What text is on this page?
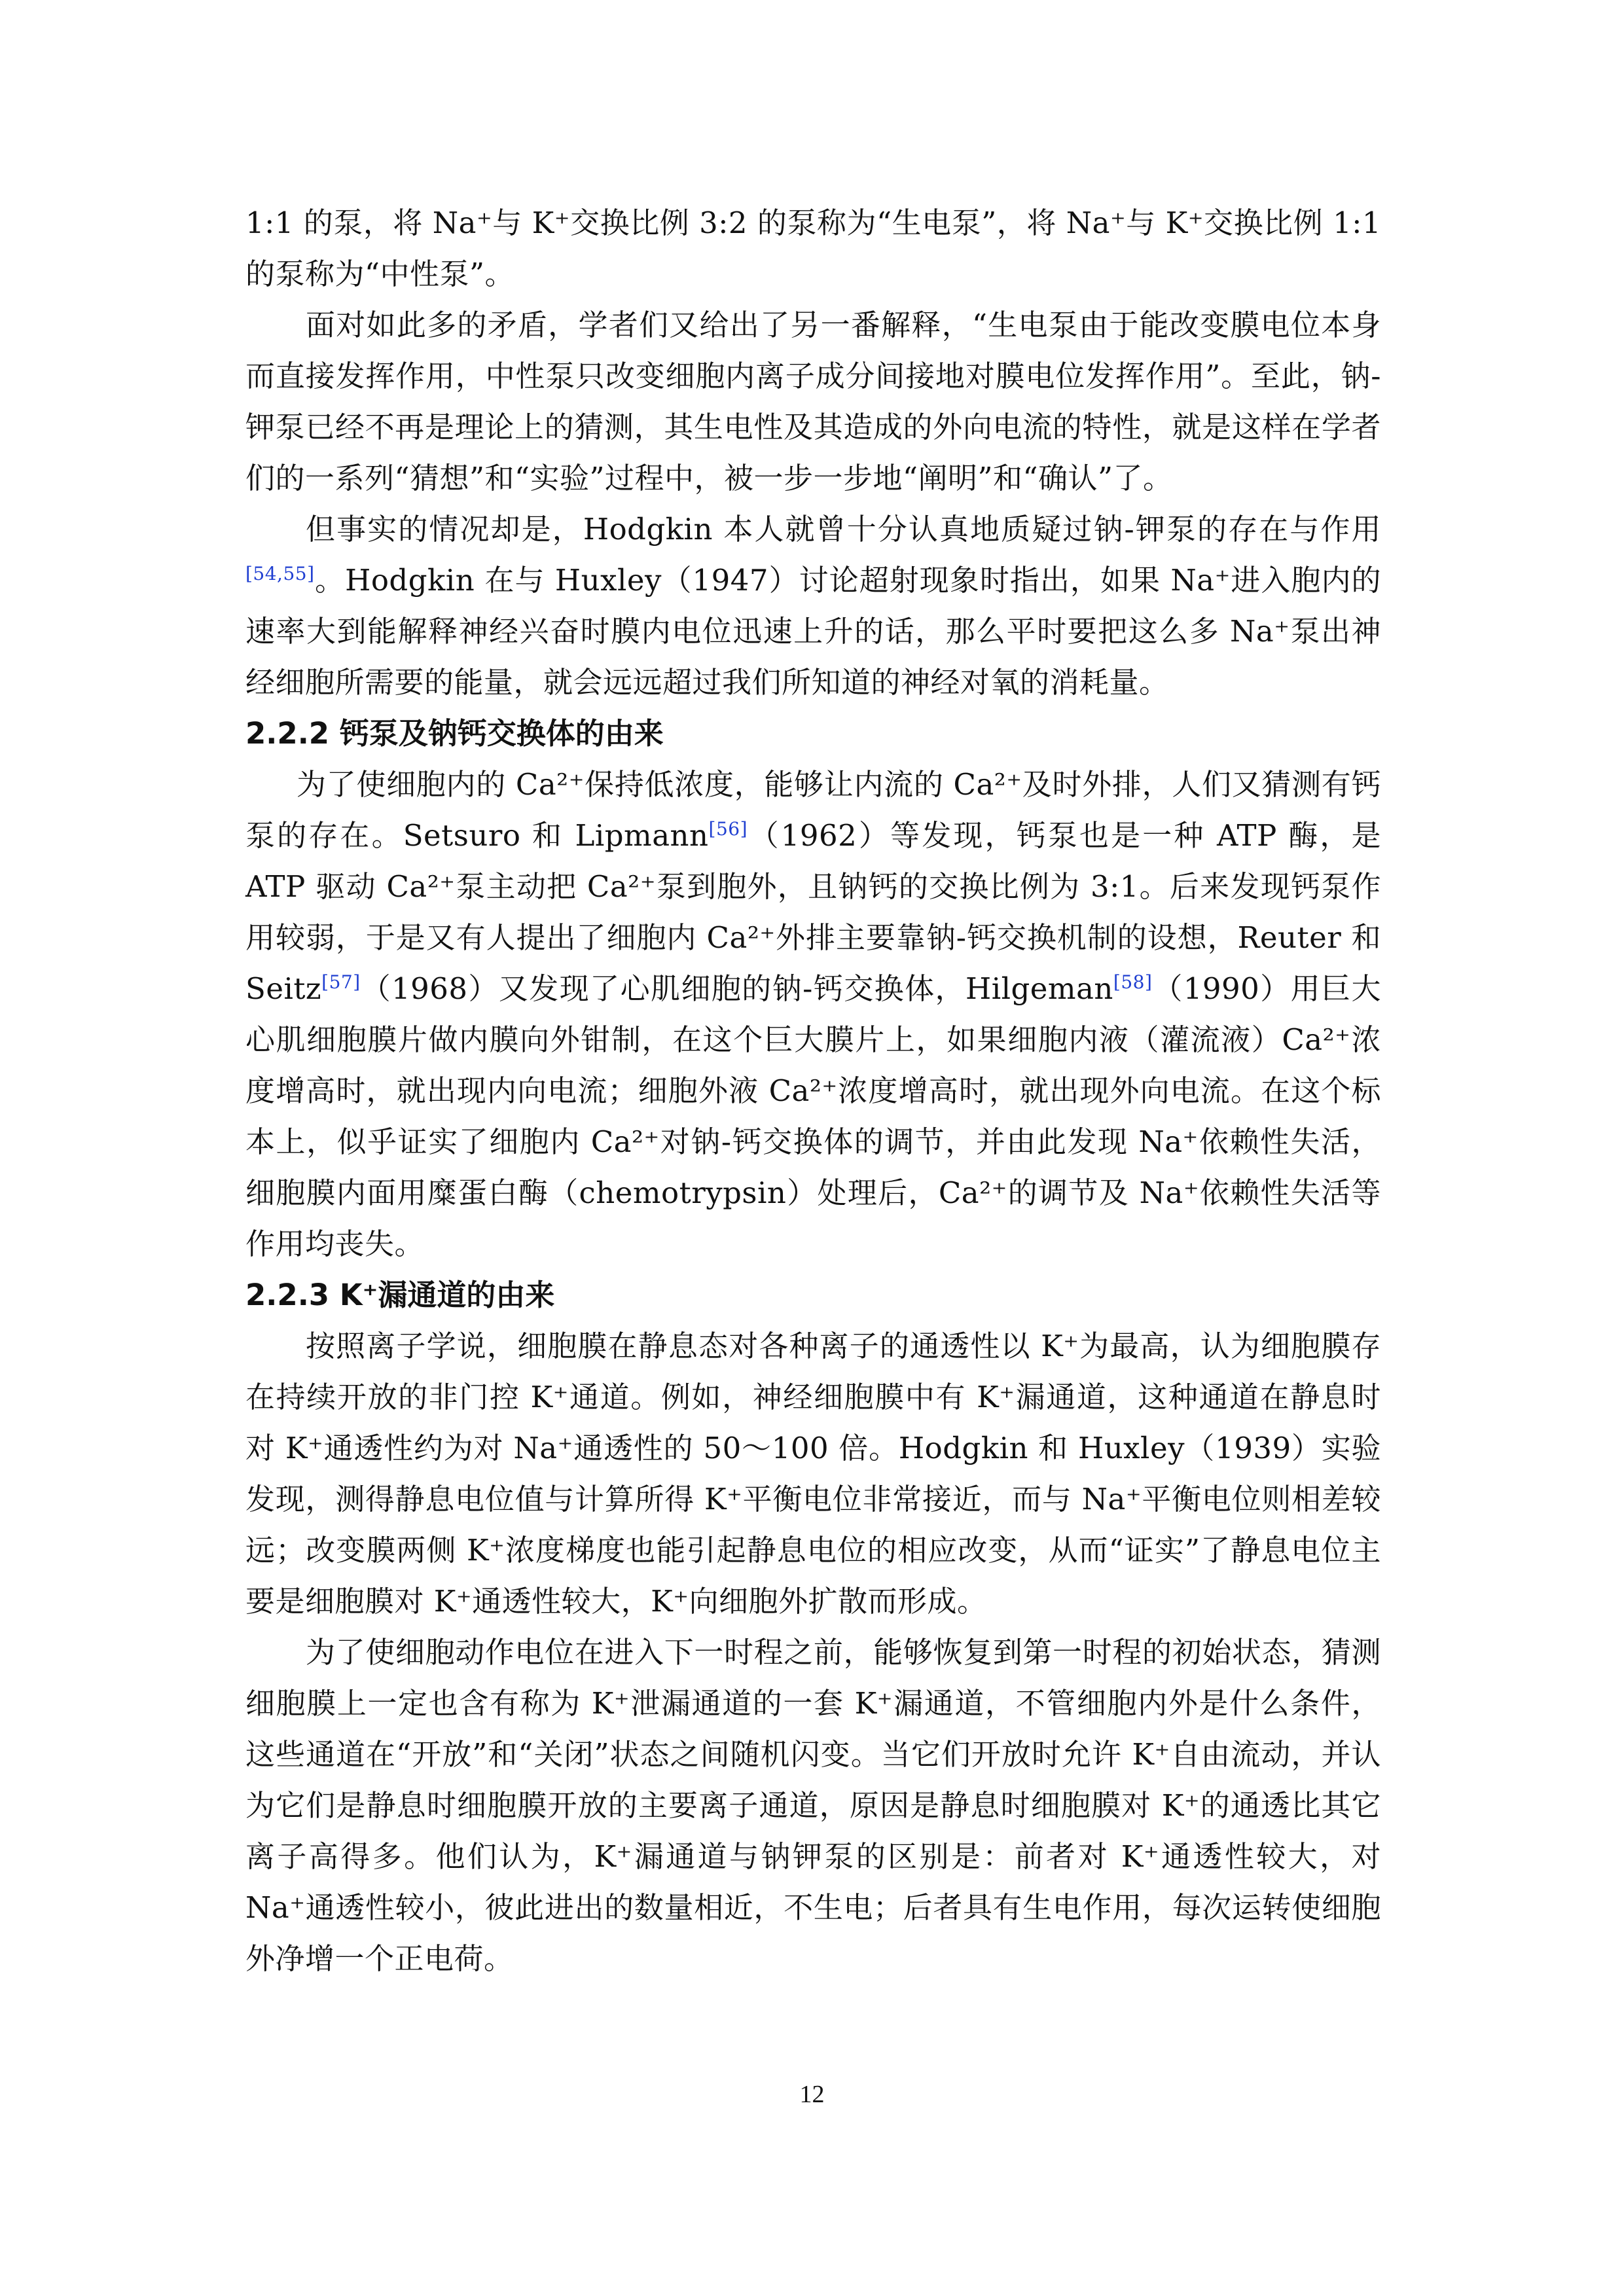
1:1 的泵，将 Na⁺与 K⁺交换比例 3:2 的泵称为“生电泵”，将 Na⁺与 K⁺交换比例 1:1 的泵称为“中性泵”。

面对如此多的矛盾，学者们又给出了另一番解释，“生电泵由于能改变膜电位本身而直接发挥作用，中性泵只改变细胞内离子成分间接地对膜电位发挥作用”。至此，钠-钾泵已经不再是理论上的猜测，其生电性及其造成的外向电流的特性，就是这样在学者们的一系列“猜想”和“实验”过程中，被一步一步地“阐明”和“确认”了。

但事实的情况却是，Hodgkin 本人就曾十分认真地质疑过钠-钾泵的存在与作用[54,55]。Hodgkin 在与 Huxley（1947）讨论超射现象时指出，如果 Na⁺进入胞内的速率大到能解释神经兴奋时膜内电位迅速上升的话，那么平时要把这么多 Na⁺泵出神经细胞所需要的能量，就会远远超过我们所知道的神经对氧的消耗量。

2.2.2 钙泵及钠钙交换体的由来

为了使细胞内的 Ca²⁺保持低浓度，能够让内流的 Ca²⁺及时外排，人们又猜测有钙泵的存在。Setsuro 和 Lipmann[56]（1962）等发现，钙泵也是一种 ATP 酶，是 ATP 驱动 Ca²⁺泵主动把 Ca²⁺泵到胞外，且钠钙的交换比例为 3:1。后来发现钙泵作用较弱，于是又有人提出了细胞内 Ca²⁺外排主要靠钠-钙交换机制的设想，Reuter 和 Seitz[57]（1968）又发现了心肌细胞的钠-钙交换体，Hilgeman[58]（1990）用巨大心肌细胞膜片做内膜向外钳制，在这个巨大膜片上，如果细胞内液（灌流液）Ca²⁺浓度增高时，就出现内向电流；细胞外液 Ca²⁺浓度增高时，就出现外向电流。在这个标本上，似乎证实了细胞内 Ca²⁺对钠-钙交换体的调节，并由此发现 Na⁺依赖性失活，细胞膜内面用糜蛋白酶（chemotrypsin）处理后，Ca²⁺的调节及 Na⁺依赖性失活等作用均丧失。

2.2.3 K⁺漏通道的由来

按照离子学说，细胞膜在静息态对各种离子的通透性以 K⁺为最高，认为细胞膜存在持续开放的非门控 K⁺通道。例如，神经细胞膜中有 K⁺漏通道，这种通道在静息时对 K⁺通透性约为对 Na⁺通透性的 50～100 倍。Hodgkin 和 Huxley（1939）实验发现，测得静息电位值与计算所得 K⁺平衡电位非常接近，而与 Na⁺平衡电位则相差较远；改变膜两侧 K⁺浓度梯度也能引起静息电位的相应改变，从而“证实”了静息电位主要是细胞膜对 K⁺通透性较大，K⁺向细胞外扩散而形成。

为了使细胞动作电位在进入下一时程之前，能够恢复到第一时程的初始状态，猜测细胞膜上一定也含有称为 K⁺泄漏通道的一套 K⁺漏通道，不管细胞内外是什么条件，这些通道在“开放”和“关闭”状态之间随机闪变。当它们开放时允许 K⁺自由流动，并认为它们是静息时细胞膜开放的主要离子通道，原因是静息时细胞膜对 K⁺的通透比其它离子高得多。他们认为，K⁺漏通道与钠钾泵的区别是：前者对 K⁺通透性较大，对 Na⁺通透性较小，彼此进出的数量相近，不生电；后者具有生电作用，每次运转使细胞外净增一个正电荷。

12
